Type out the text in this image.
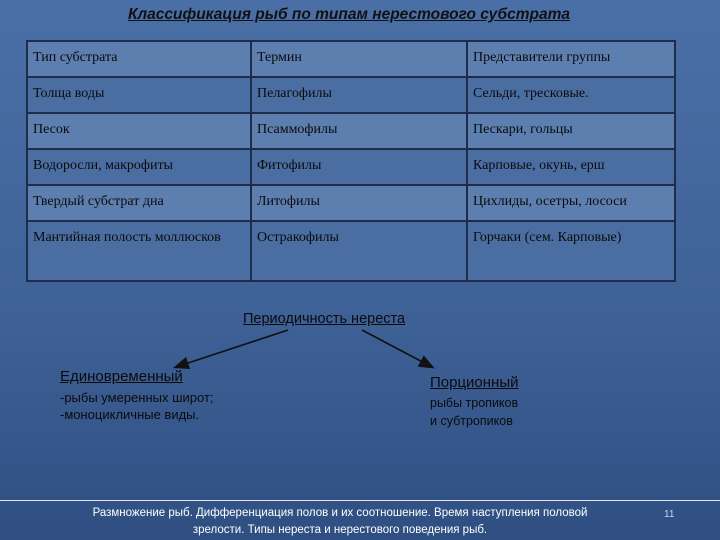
Классификация рыб по типам нерестового субстрата
Тип субстрата	Термин	Представители группы
Толща воды	Пелагофилы	Сельди, тресковые.
Песок	Псаммофилы	Пескари, гольцы
Водоросли, макрофиты	Фитофилы	Карповые, окунь, ерш
Твердый субстрат дна	Литофилы	Цихлиды, осетры, лососи
Мантийная полость моллюсков	Остракофилы	Горчаки (сем. Карповые)
Периодичность нереста
Единовременный
-рыбы умеренных широт;
-моноцикличные виды.
Порционный
рыбы тропиков
и субтропиков
Размножение рыб. Дифференциация полов и их соотношение. Время наступления половой
зрелости. Типы нереста и нерестового поведения рыб.
11
